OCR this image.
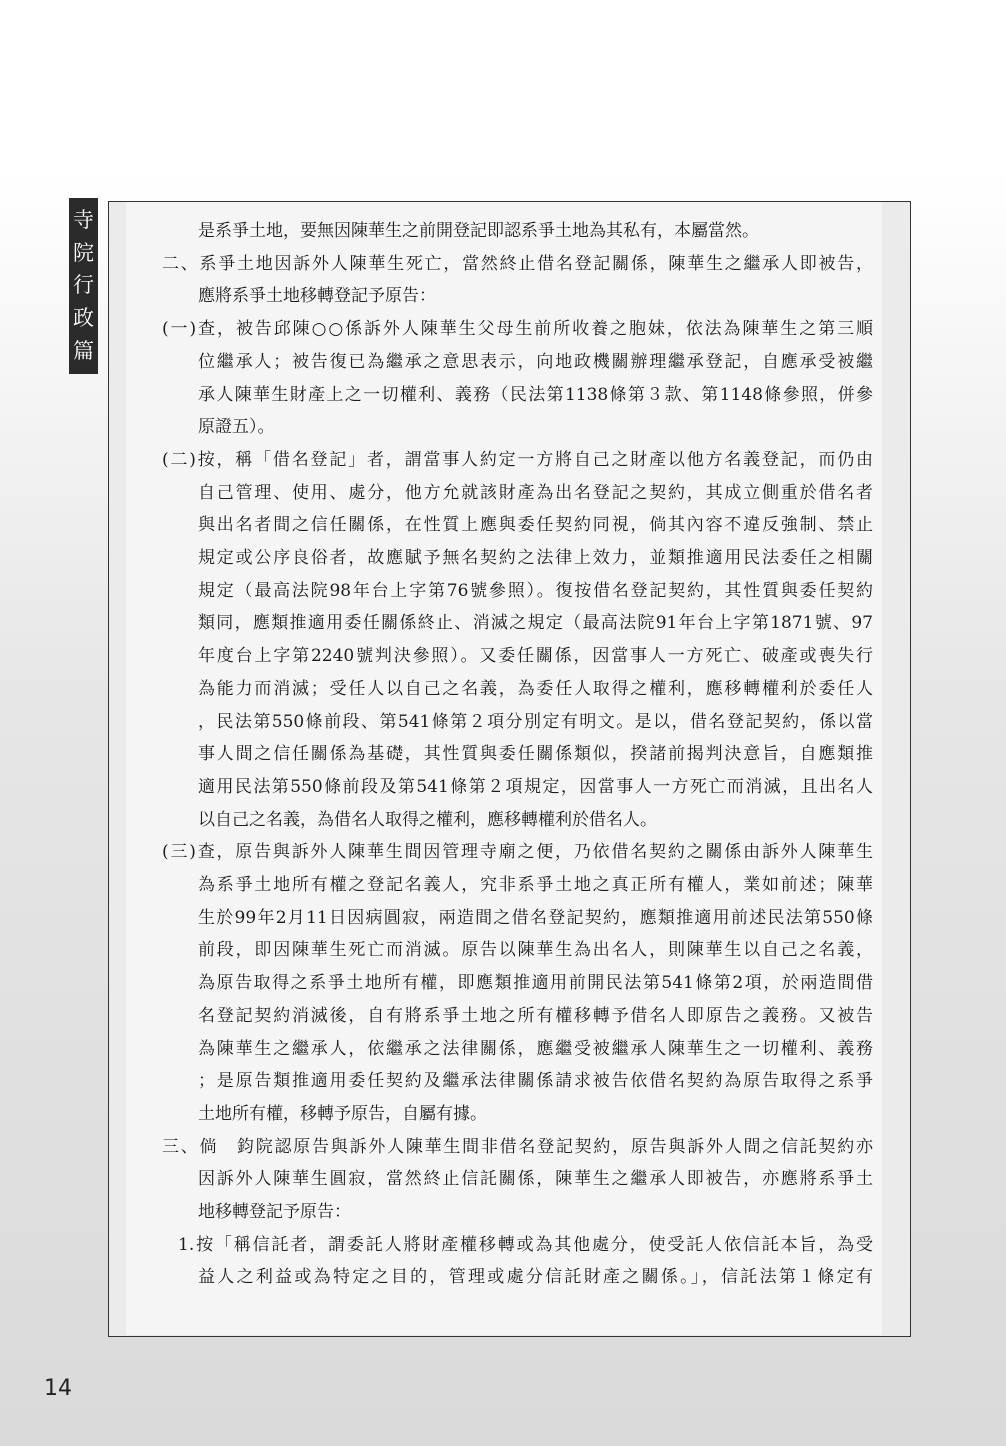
寺
院
行
政
篇
是系爭土地，要無因陳華生之前開登記即認系爭土地為其私有，本屬當然。
二、系爭土地因訴外人陳華生死亡，當然終止借名登記關係，陳華生之繼承人即被告，
應將系爭土地移轉登記予原告：
(一)查，被告邱陳○○係訴外人陳華生父母生前所收養之胞妹，依法為陳華生之第三順
位繼承人；被告復已為繼承之意思表示，向地政機關辦理繼承登記，自應承受被繼
承人陳華生財產上之一切權利、義務（民法第1138條第３款、第1148條參照，併參
原證五）。
(二)按，稱「借名登記」者，謂當事人約定一方將自己之財產以他方名義登記，而仍由
自己管理、使用、處分，他方允就該財產為出名登記之契約，其成立側重於借名者
與出名者間之信任關係，在性質上應與委任契約同視，倘其內容不違反強制、禁止
規定或公序良俗者，故應賦予無名契約之法律上效力，並類推適用民法委任之相關
規定（最高法院98年台上字第76號參照）。復按借名登記契約，其性質與委任契約
類同，應類推適用委任關係終止、消滅之規定（最高法院91年台上字第1871號、97
年度台上字第2240號判決參照）。又委任關係，因當事人一方死亡、破產或喪失行
為能力而消滅；受任人以自己之名義，為委任人取得之權利，應移轉權利於委任人
，民法第550條前段、第541條第２項分別定有明文。是以，借名登記契約，係以當
事人間之信任關係為基礎，其性質與委任關係類似，揆諸前揭判決意旨，自應類推
適用民法第550條前段及第541條第２項規定，因當事人一方死亡而消滅，且出名人
以自己之名義，為借名人取得之權利，應移轉權利於借名人。
(三)查，原告與訴外人陳華生間因管理寺廟之便，乃依借名契約之關係由訴外人陳華生
為系爭土地所有權之登記名義人，究非系爭土地之真正所有權人，業如前述；陳華
生於99年2月11日因病圓寂，兩造間之借名登記契約，應類推適用前述民法第550條
前段，即因陳華生死亡而消滅。原告以陳華生為出名人，則陳華生以自己之名義，
為原告取得之系爭土地所有權，即應類推適用前開民法第541條第2項，於兩造間借
名登記契約消滅後，自有將系爭土地之所有權移轉予借名人即原告之義務。又被告
為陳華生之繼承人，依繼承之法律關係，應繼受被繼承人陳華生之一切權利、義務
；是原告類推適用委任契約及繼承法律關係請求被告依借名契約為原告取得之系爭
土地所有權，移轉予原告，自屬有據。
三、倘　鈞院認原告與訴外人陳華生間非借名登記契約，原告與訴外人間之信託契約亦
因訴外人陳華生圓寂，當然終止信託關係，陳華生之繼承人即被告，亦應將系爭土
地移轉登記予原告：
1.按「稱信託者，謂委託人將財產權移轉或為其他處分，使受託人依信託本旨，為受
益人之利益或為特定之目的，管理或處分信託財產之關係。」，信託法第１條定有
14
